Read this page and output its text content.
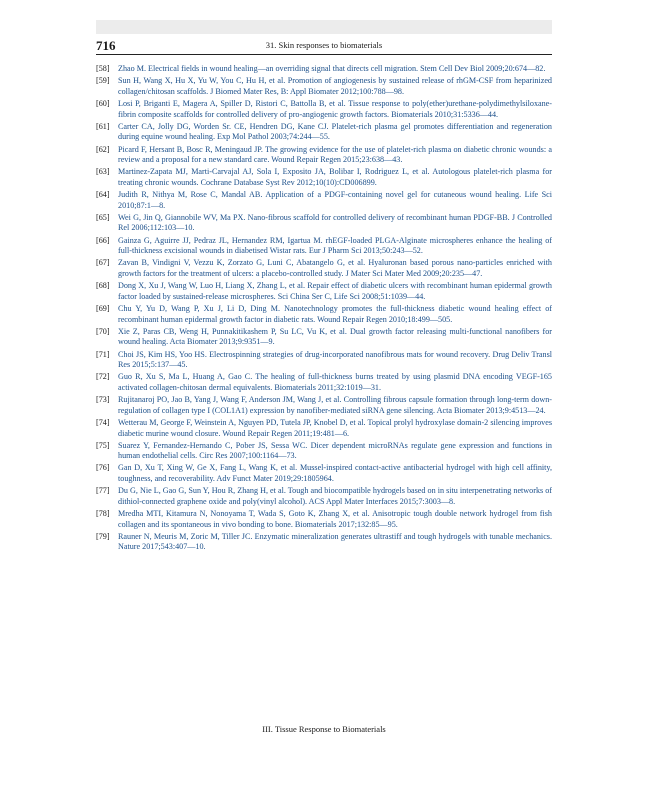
716	31. Skin responses to biomaterials
[58] Zhao M. Electrical fields in wound healing—an overriding signal that directs cell migration. Stem Cell Dev Biol 2009;20:674—82.
[59] Sun H, Wang X, Hu X, Yu W, You C, Hu H, et al. Promotion of angiogenesis by sustained release of rhGM-CSF from heparinized collagen/chitosan scaffolds. J Biomed Mater Res, B: Appl Biomater 2012;100:788—98.
[60] Losi P, Briganti E, Magera A, Spiller D, Ristori C, Battolla B, et al. Tissue response to poly(ether)urethane-polydimethylsiloxane-fibrin composite scaffolds for controlled delivery of pro-angiogenic growth factors. Biomaterials 2010;31:5336—44.
[61] Carter CA, Jolly DG, Worden Sr. CE, Hendren DG, Kane CJ. Platelet-rich plasma gel promotes differentiation and regeneration during equine wound healing. Exp Mol Pathol 2003;74:244—55.
[62] Picard F, Hersant B, Bosc R, Meningaud JP. The growing evidence for the use of platelet-rich plasma on diabetic chronic wounds: a review and a proposal for a new standard care. Wound Repair Regen 2015;23:638—43.
[63] Martinez-Zapata MJ, Marti-Carvajal AJ, Sola I, Exposito JA, Bolibar I, Rodriguez L, et al. Autologous platelet-rich plasma for treating chronic wounds. Cochrane Database Syst Rev 2012;10(10):CD006899.
[64] Judith R, Nithya M, Rose C, Mandal AB. Application of a PDGF-containing novel gel for cutaneous wound healing. Life Sci 2010;87:1—8.
[65] Wei G, Jin Q, Giannobile WV, Ma PX. Nano-fibrous scaffold for controlled delivery of recombinant human PDGF-BB. J Controlled Rel 2006;112:103—10.
[66] Gainza G, Aguirre JJ, Pedraz JL, Hernandez RM, Igartua M. rhEGF-loaded PLGA-Alginate microspheres enhance the healing of full-thickness excisional wounds in diabetised Wistar rats. Eur J Pharm Sci 2013;50:243—52.
[67] Zavan B, Vindigni V, Vezzu K, Zorzato G, Luni C, Abatangelo G, et al. Hyaluronan based porous nano-particles enriched with growth factors for the treatment of ulcers: a placebo-controlled study. J Mater Sci Mater Med 2009;20:235—47.
[68] Dong X, Xu J, Wang W, Luo H, Liang X, Zhang L, et al. Repair effect of diabetic ulcers with recombinant human epidermal growth factor loaded by sustained-release microspheres. Sci China Ser C, Life Sci 2008;51:1039—44.
[69] Chu Y, Yu D, Wang P, Xu J, Li D, Ding M. Nanotechnology promotes the full-thickness diabetic wound healing effect of recombinant human epidermal growth factor in diabetic rats. Wound Repair Regen 2010;18:499—505.
[70] Xie Z, Paras CB, Weng H, Punnakitikashem P, Su LC, Vu K, et al. Dual growth factor releasing multi-functional nanofibers for wound healing. Acta Biomater 2013;9:9351—9.
[71] Choi JS, Kim HS, Yoo HS. Electrospinning strategies of drug-incorporated nanofibrous mats for wound recovery. Drug Deliv Transl Res 2015;5:137—45.
[72] Guo R, Xu S, Ma L, Huang A, Gao C. The healing of full-thickness burns treated by using plasmid DNA encoding VEGF-165 activated collagen-chitosan dermal equivalents. Biomaterials 2011;32:1019—31.
[73] Rujitanaroj PO, Jao B, Yang J, Wang F, Anderson JM, Wang J, et al. Controlling fibrous capsule formation through long-term down-regulation of collagen type I (COL1A1) expression by nanofiber-mediated siRNA gene silencing. Acta Biomater 2013;9:4513—24.
[74] Wetterau M, George F, Weinstein A, Nguyen PD, Tutela JP, Knobel D, et al. Topical prolyl hydroxylase domain-2 silencing improves diabetic murine wound closure. Wound Repair Regen 2011;19:481—6.
[75] Suarez Y, Fernandez-Hernando C, Pober JS, Sessa WC. Dicer dependent microRNAs regulate gene expression and functions in human endothelial cells. Circ Res 2007;100:1164—73.
[76] Gan D, Xu T, Xing W, Ge X, Fang L, Wang K, et al. Mussel-inspired contact-active antibacterial hydrogel with high cell affinity, toughness, and recoverability. Adv Funct Mater 2019;29:1805964.
[77] Du G, Nie L, Gao G, Sun Y, Hou R, Zhang H, et al. Tough and biocompatible hydrogels based on in situ interpenetrating networks of dithiol-connected graphene oxide and poly(vinyl alcohol). ACS Appl Mater Interfaces 2015;7:3003—8.
[78] Mredha MTI, Kitamura N, Nonoyama T, Wada S, Goto K, Zhang X, et al. Anisotropic tough double network hydrogel from fish collagen and its spontaneous in vivo bonding to bone. Biomaterials 2017;132:85—95.
[79] Rauner N, Meuris M, Zoric M, Tiller JC. Enzymatic mineralization generates ultrastiff and tough hydrogels with tunable mechanics. Nature 2017;543:407—10.
III. Tissue Response to Biomaterials
